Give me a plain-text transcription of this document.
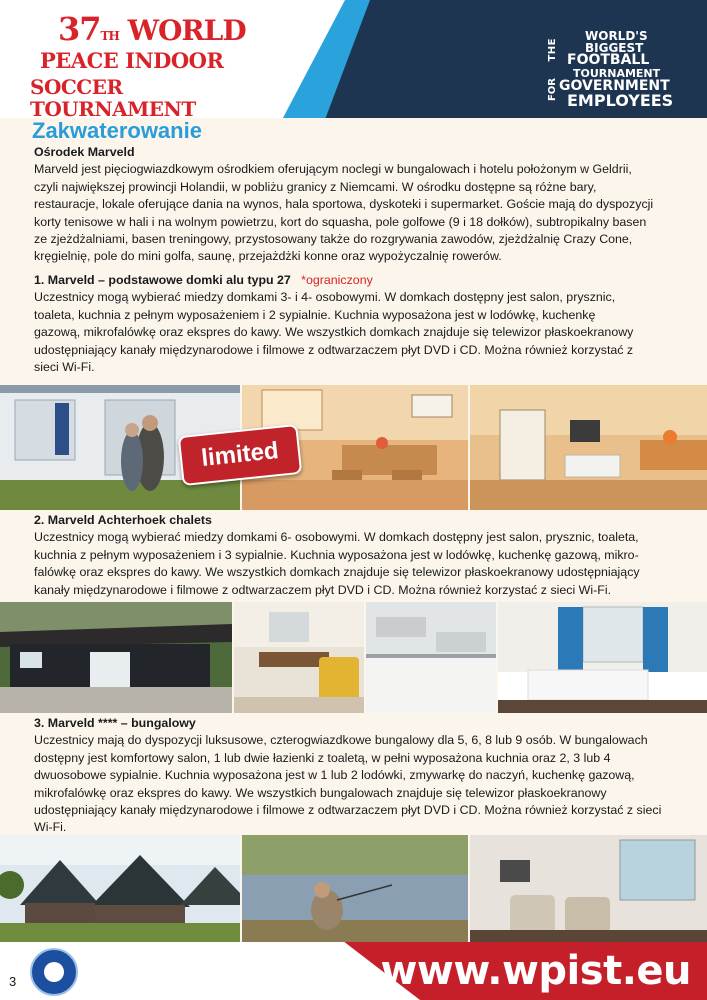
37TH WORLD
PEACE INDOOR
SOCCER TOURNAMENT
THE
WORLD'S
BIGGEST
FOOTBALL
TOURNAMENT
GOVERNMENT
FOR EMPLOYEES
Zakwaterowanie
Ośrodek Marveld
Marveld jest pięciogwiazdkowym ośrodkiem oferującym noclegi w bungalowach i hotelu położonym w Geldrii,
czyli największej prowincji Holandii, w pobliżu granicy z Niemcami. W ośrodku dostępne są różne bary,
restauracje, lokale oferujące dania na wynos, hala sportowa, dyskoteki i supermarket. Goście mają do dyspozycji
korty tenisowe w hali i na wolnym powietrzu, kort do squasha, pole golfowe (9 i 18 dołków), subtropikalny basen
ze zjeżdżalniami, basen treningowy, przystosowany także do rozgrywania zawodów, zjeżdżalnię Crazy Cone,
kręgielnię, pole do mini golfa, saunę, przejażdżki konne oraz wypożyczalnię rowerów.
1. Marveld – podstawowe domki alu typu 27 *ograniczony
Uczestnicy mogą wybierać miedzy domkami 3- i 4- osobowymi. W domkach dostępny jest salon, prysznic,
toaleta, kuchnia z pełnym wyposażeniem i 2 sypialnie. Kuchnia wyposażona jest w lodówkę, kuchenkę
gazową, mikrofalówkę oraz ekspres do kawy. We wszystkich domkach znajduje się telewizor płaskoekranowy
udostępniający kanały międzynarodowe i filmowe z odtwarzaczem płyt DVD i CD. Można również korzystać z
sieci Wi-Fi.
limited
2. Marveld Achterhoek chalets
Uczestnicy mogą wybierać miedzy domkami 6- osobowymi. W domkach dostępny jest salon, prysznic, toaleta,
kuchnia z pełnym wyposażeniem i 3 sypialnie. Kuchnia wyposażona jest w lodówkę, kuchenkę gazową, mikro-
falówkę oraz ekspres do kawy. We wszystkich domkach znajduje się telewizor płaskoekranowy udostępniający
kanały międzynarodowe i filmowe z odtwarzaczem płyt DVD i CD. Można również korzystać z sieci Wi-Fi.
3. Marveld **** – bungalowy
Uczestnicy mają do dyspozycji luksusowe, czterogwiazdkowe bungalowy dla 5, 6, 8 lub 9 osób. W bungalowach
dostępny jest komfortowy salon, 1 lub dwie łazienki z toaletą, w pełni wyposażona kuchnia oraz 2, 3 lub 4
dwuosobowe sypialnie. Kuchnia wyposażona jest w 1 lub 2 lodówki, zmywarkę do naczyń, kuchenkę gazową,
mikrofalówkę oraz ekspres do kawy. We wszystkich bungalowach znajduje się telewizor płaskoekranowy
udostępniający kanały międzynarodowe i filmowe z odtwarzaczem płyt DVD i CD. Można również korzystać z sieci
Wi-Fi.
3	www.wpist.eu
